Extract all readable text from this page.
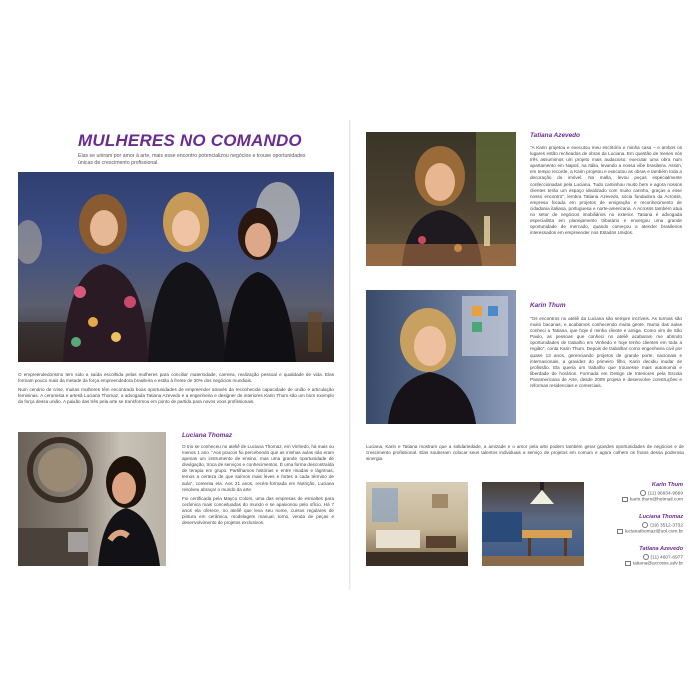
MULHERES NO COMANDO
Elas se uniram por amor à arte, mais esse encontro potencializou negócios e trouxe oportunidades únicas de crescimento profissional.

O empreendedorismo tem sido a saída escolhida pelas mulheres para conciliar maternidade, carreira, realização pessoal e qualidade de vida. Elas formam pouco mais da metade da força empreendedora brasileira e estão à frente de 30% dos negócios mundiais.

Num cenário de crise, muitas mulheres têm encontrado boas oportunidades de empreender através da reconhecida capacidade de união e articulação femininas. A ceramista e artesã Luciana Thomaz, a advogada Tatiana Azevedo e a engenheira e designer de interiores Karin Thum são um bom exemplo da força dessa união. A paixão das três pela arte se transformou em ponto de partida para novos voos profissionais.

Luciana Thomaz

O trio se conheceu no ateliê de Luciana Thomaz, em Vinhedo, há mais ou menos 1 ano. "Aos poucos fui percebendo que as minhas aulas não eram apenas um instrumento de ensino, mas uma grande oportunidade de divulgação, troca de serviços e conhecimentos. É uma forma descontraída de terapia em grupo. Partilhamos histórias e entre risadas e lágrimas, temos a certeza de que saímos mais leves e fortes a cada término de aula", comenta ela. Aos 21 anos, recém-formada em Nutrição, Luciana resolveu abraçar o mundo da arte.

Foi certificada pela Mayco Colors, uma das empresas de esmaltes para cerâmica mais conceituadas do mundo e se apaixonou pelo ofício. Há 7 anos ela oferece, no ateliê que leva seu nome, cursos regulares de pintura em cerâmica, modelagem manual, torno, venda de peças e desenvolvimento de projetos exclusivos.

Tatiana Azevedo

"A Karin projetou e executou meu escritório e minha casa – e ambos os lugares estão recheados de obras da Luciana. Em questão de meses nós três assumimos um projeto mais audacioso: executar uma obra num apartamento em Napoli, na Itália, levando a nossa vibe brasileira. Assim, em tempo recorde, a Karin projetou e executou as obras e também toda a decoração do imóvel. Na malla, levou peças especialmente confeccionadas pela Luciana. Tudo caminhou muito bem e agora nossos clientes terão um espaço idealizado com muito carinho, graças a esse nosso encontro", lembra Tatiana Azevedo, sócia fundadora da Acrosss, empresa focada em projetos de emigração e reconhecimento de cidadania italiana, portuguesa e norte-americana. A Acrosss também atua no setor de negócios imobiliários no exterior. Tatiana é advogada especialista em planejamento tributário e enxergou uma grande oportunidade de mercado, quando começou a atender brasileiros interessados em empreender nos Estados Unidos.

Karin Thum

"Os encontros no ateliê da Luciana são sempre incríveis. As turmas são muito bacanas, e acabamos conhecendo muita gente. Numa das aulas conheci a Tatiana, que hoje é minha cliente e amiga. Como vim de São Paulo, as pessoas que conheci no ateliê acabaram me abrindo oportunidades de trabalho em Vinhedo e hoje tenho clientes em toda a região", conta Karin Thum. Depois de trabalhar como engenheira civil por quase 13 anos, gerenciando projetos de grande porte, nacionais e internacionais, a gravidez do primeiro filho, Karin decidiu mudar de profissão. Ela queria um trabalho que trouxesse mais autonomia e liberdade de horários. Formada em Design de Interiores pela Escola Panamericana de Arte, desde 2009 projeta e desenvolve construções e reformas residenciais e comerciais.

Luciana, Karin e Tatiana mostram que a solidariedade, a amizade e o amor pela arte podem também gerar grandes oportunidades de negócios e de crescimento profissional. Elas souberam colocar seus talentos individuais a serviço de projetos em comum e agora colhem os frutos dessa poderosa sinergia.

Karin Thum
(11) 98934-9669
karin.thum@hotmail.com
Luciana Thomaz
(19) 3512-3732
lucianathomaz@uol.com.br
Tatiana Azevedo
(11) 4607-6977
tatiana@acrosss.adv.br
